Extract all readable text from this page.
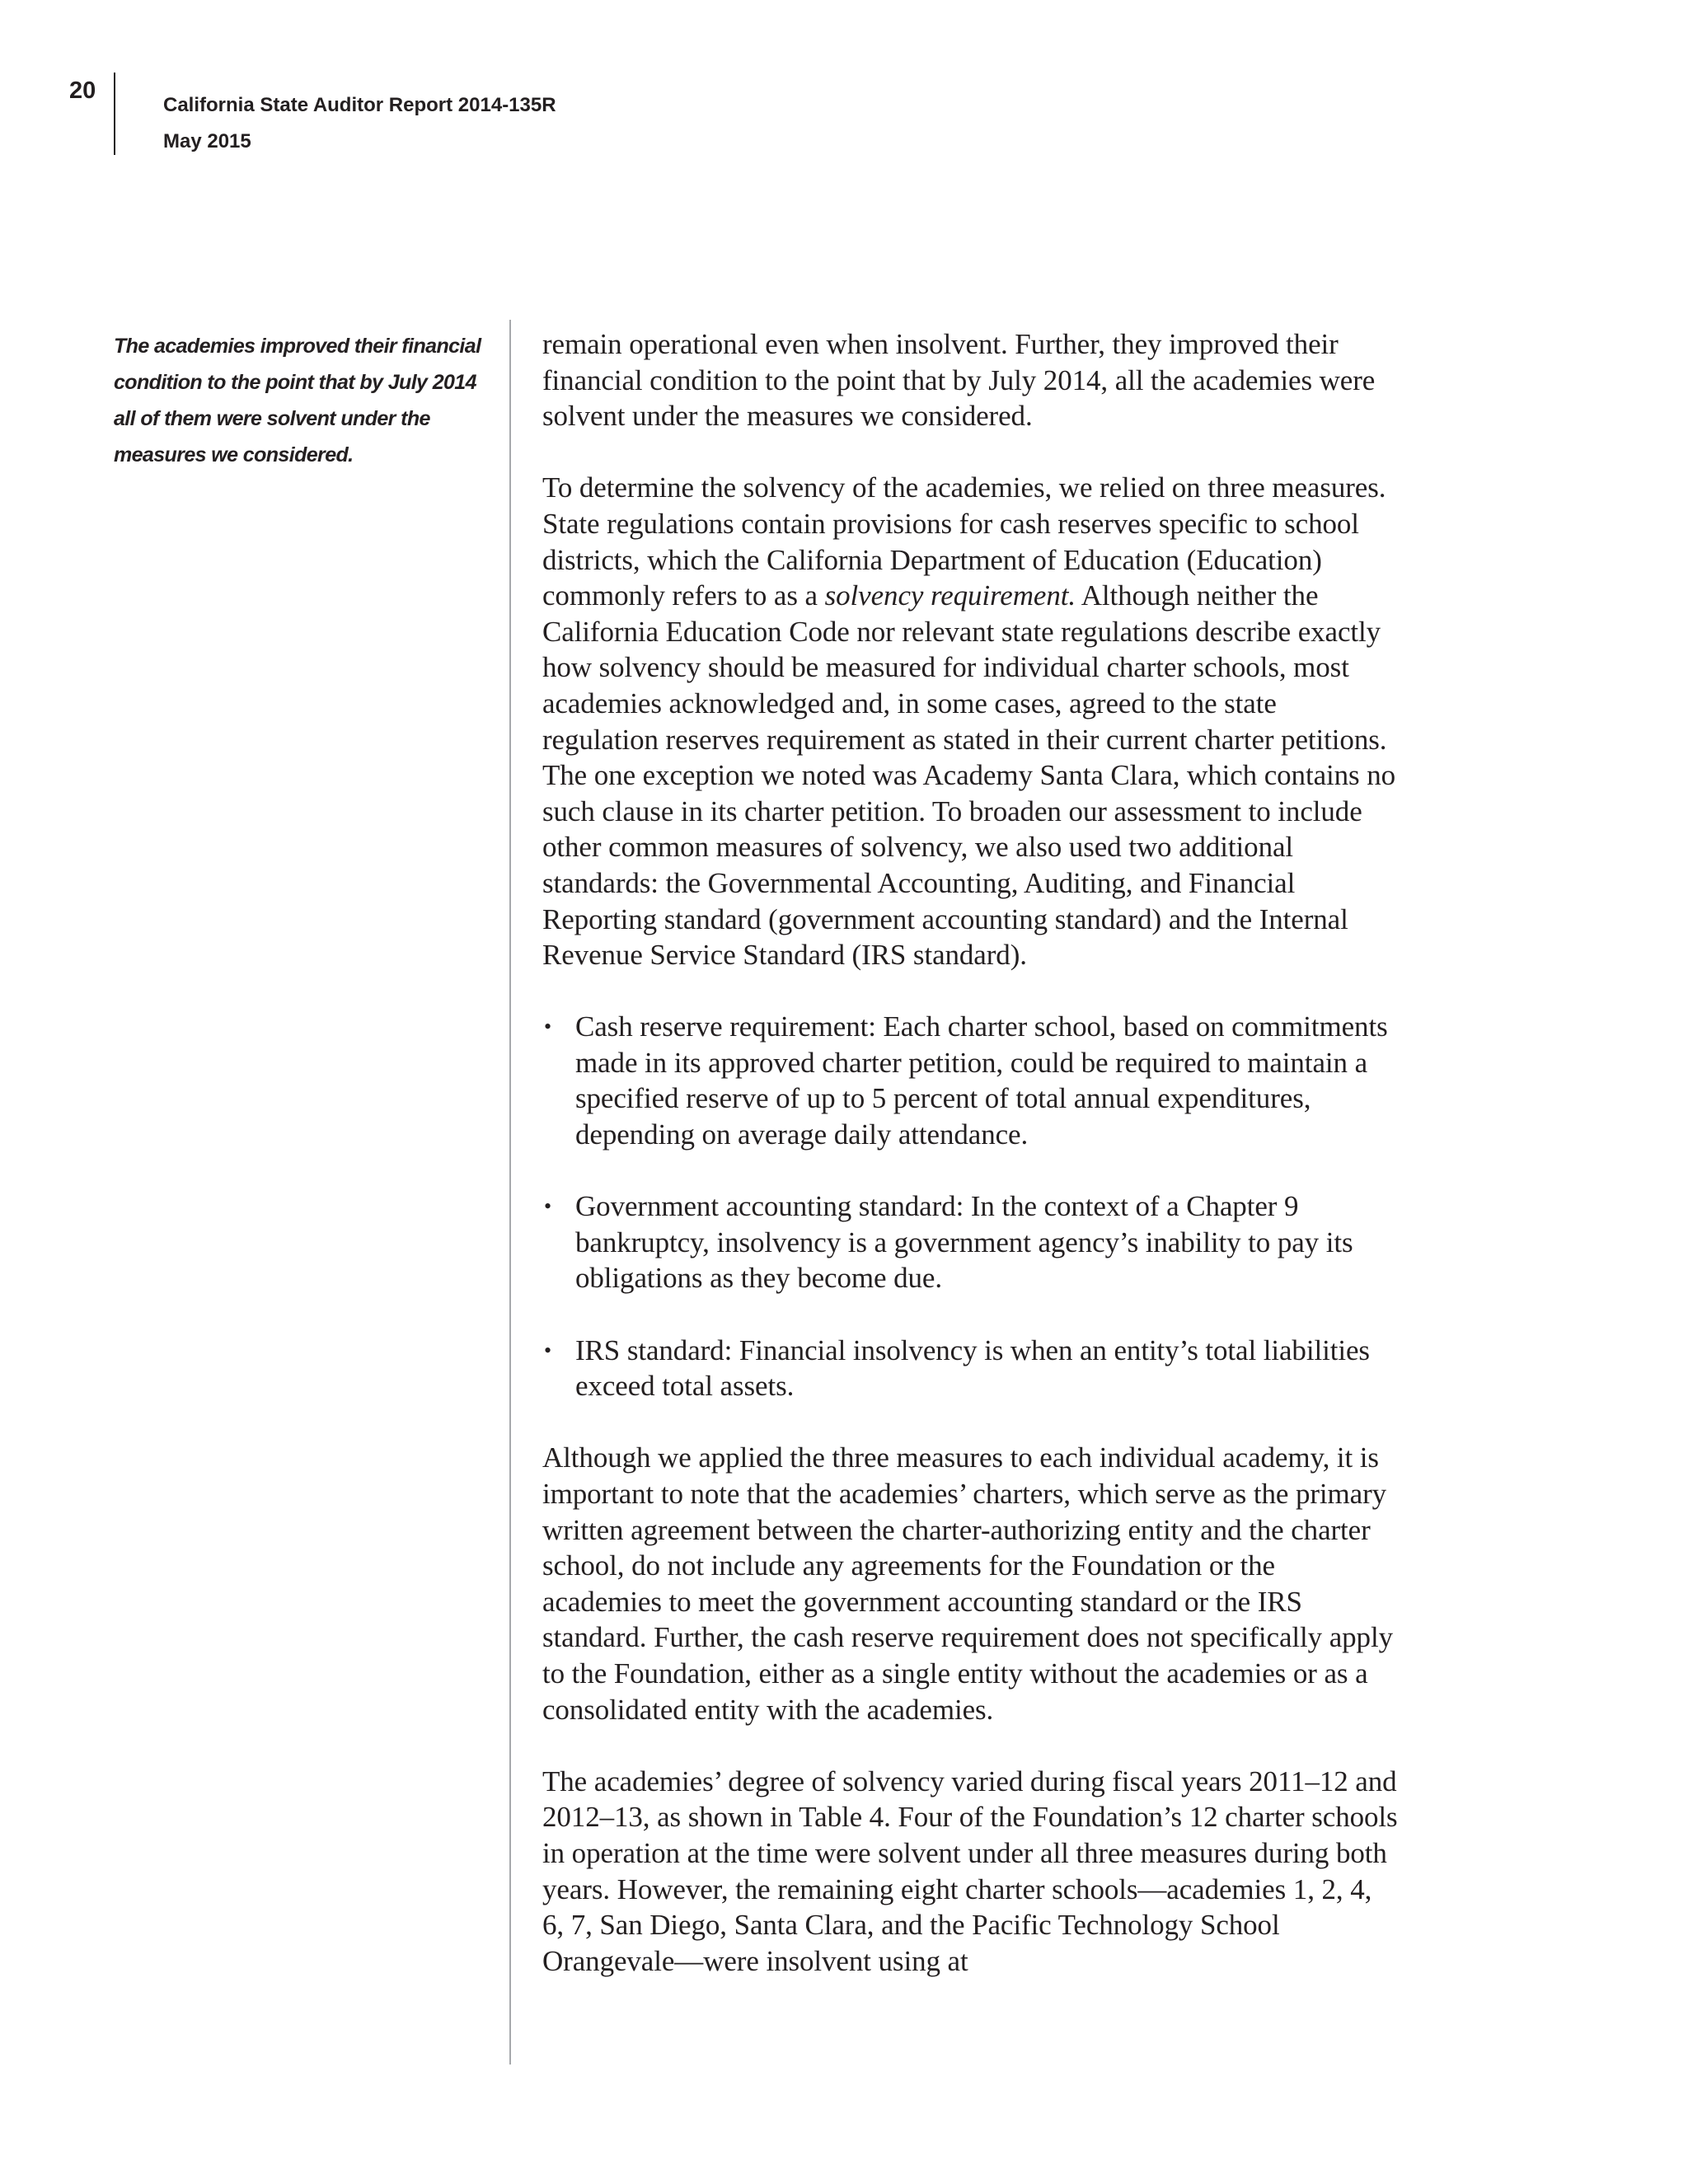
20
California State Auditor Report 2014-135R
May 2015

The academies improved their financial condition to the point that by July 2014 all of them were solvent under the measures we considered.

remain operational even when insolvent. Further, they improved their financial condition to the point that by July 2014, all the academies were solvent under the measures we considered.

To determine the solvency of the academies, we relied on three measures. State regulations contain provisions for cash reserves specific to school districts, which the California Department of Education (Education) commonly refers to as a solvency requirement. Although neither the California Education Code nor relevant state regulations describe exactly how solvency should be measured for individual charter schools, most academies acknowledged and, in some cases, agreed to the state regulation reserves requirement as stated in their current charter petitions. The one exception we noted was Academy Santa Clara, which contains no such clause in its charter petition. To broaden our assessment to include other common measures of solvency, we also used two additional standards: the Governmental Accounting, Auditing, and Financial Reporting standard (government accounting standard) and the Internal Revenue Service Standard (IRS standard).

• Cash reserve requirement: Each charter school, based on commitments made in its approved charter petition, could be required to maintain a specified reserve of up to 5 percent of total annual expenditures, depending on average daily attendance.
• Government accounting standard: In the context of a Chapter 9 bankruptcy, insolvency is a government agency’s inability to pay its obligations as they become due.
• IRS standard: Financial insolvency is when an entity’s total liabilities exceed total assets.

Although we applied the three measures to each individual academy, it is important to note that the academies’ charters, which serve as the primary written agreement between the charter-authorizing entity and the charter school, do not include any agreements for the Foundation or the academies to meet the government accounting standard or the IRS standard. Further, the cash reserve requirement does not specifically apply to the Foundation, either as a single entity without the academies or as a consolidated entity with the academies.

The academies’ degree of solvency varied during fiscal years 2011–12 and 2012–13, as shown in Table 4. Four of the Foundation’s 12 charter schools in operation at the time were solvent under all three measures during both years. However, the remaining eight charter schools—academies 1, 2, 4, 6, 7, San Diego, Santa Clara, and the Pacific Technology School Orangevale—were insolvent using at
